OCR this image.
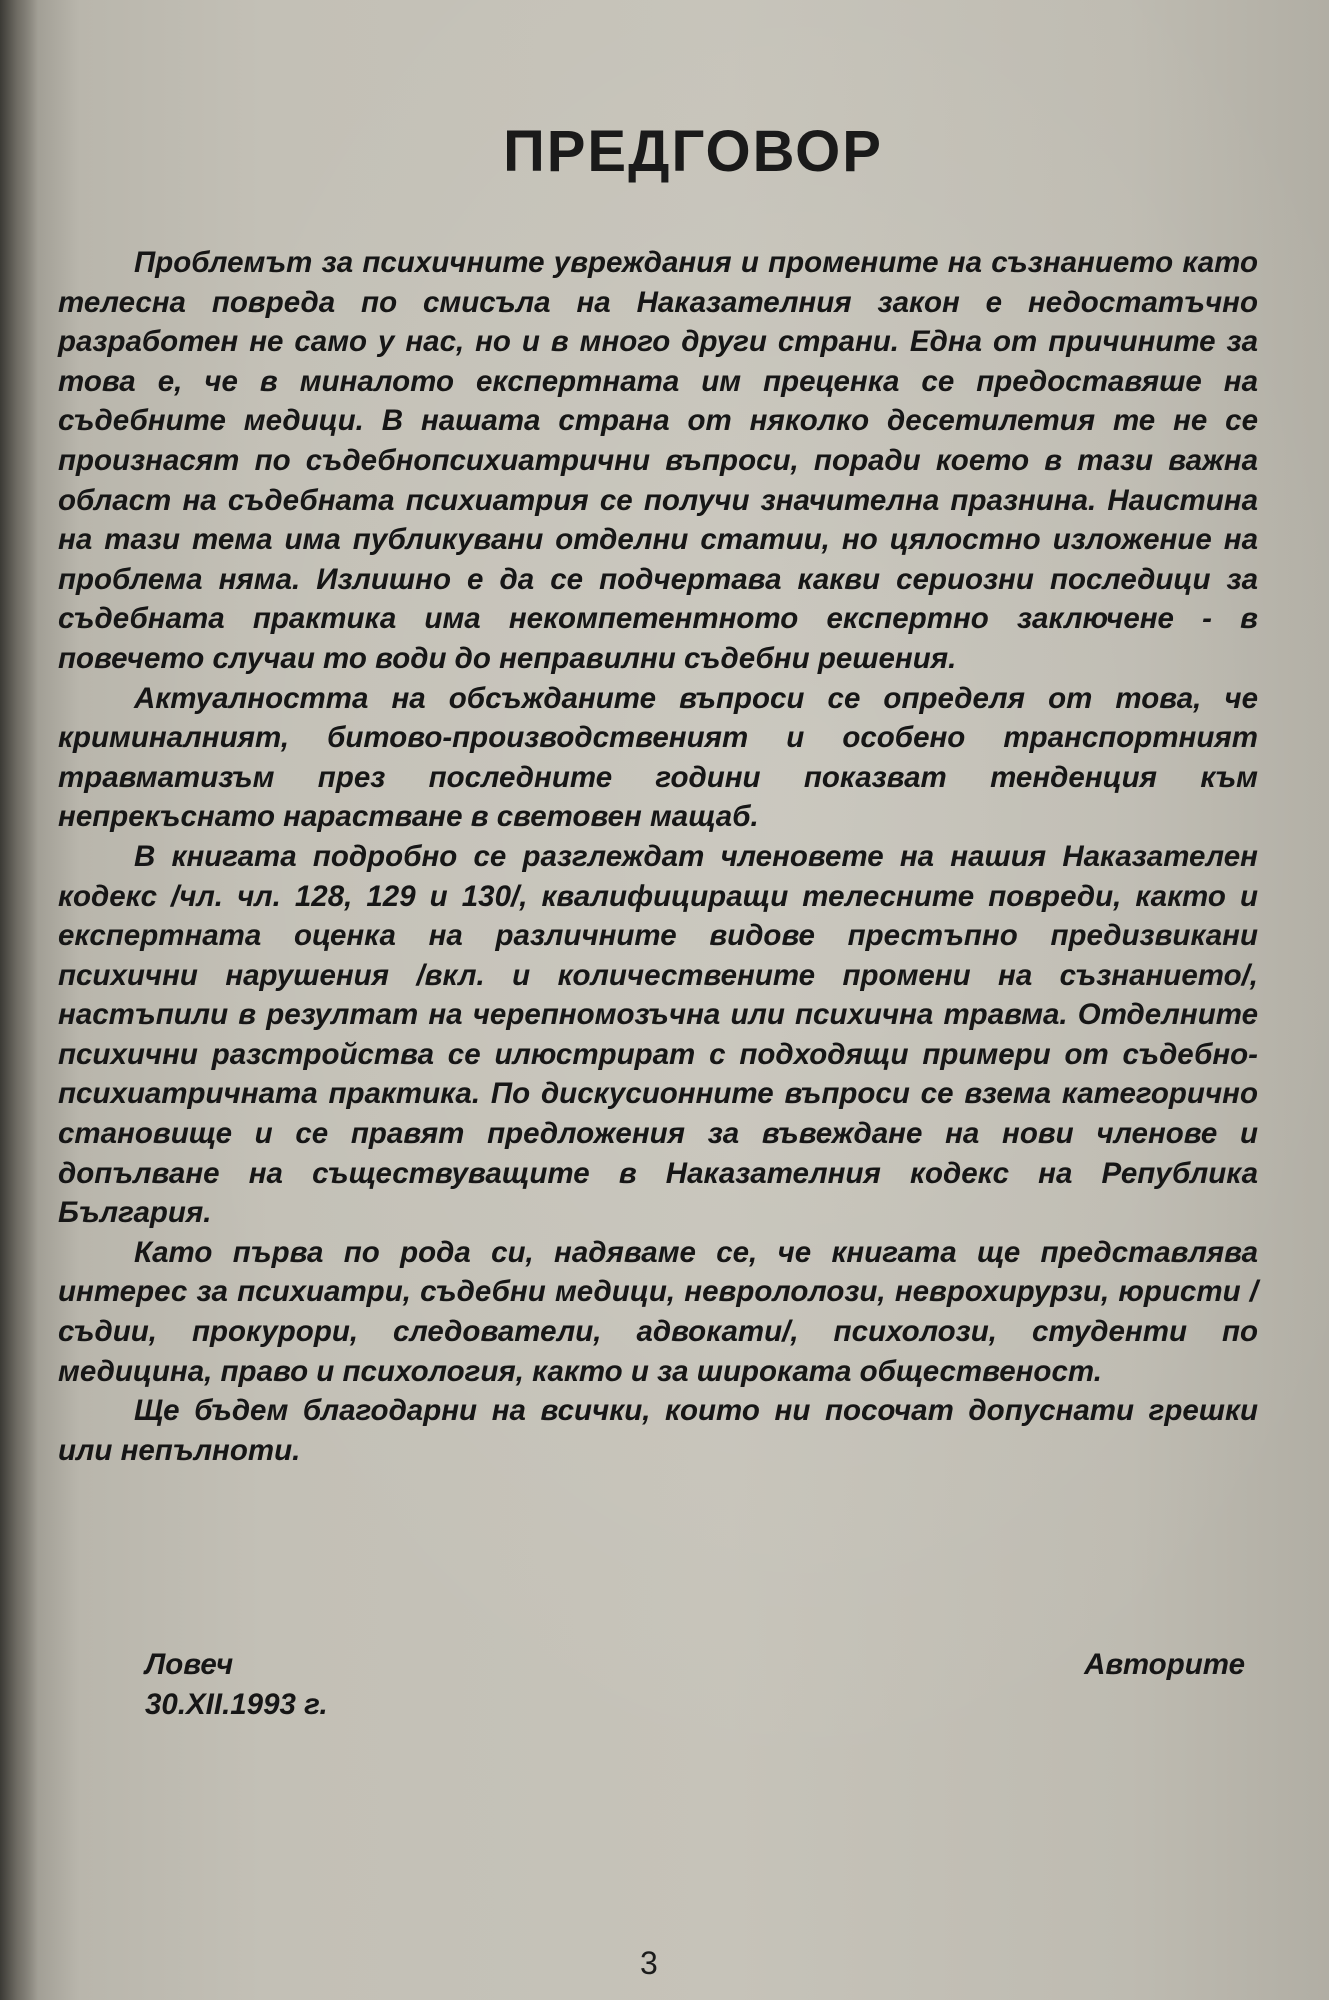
ПРЕДГОВОР

Проблемът за психичните увреждания и промените на съзнанието като телесна повреда по смисъла на Наказателния закон е недостатъчно разработен не само у нас, но и в много други страни. Една от причините за това е, че в миналото експертната им преценка се предоставяше на съдебните медици. В нашата страна от няколко десетилетия те не се произнасят по съдебнопсихиатрични въпроси, поради което в тази важна област на съдебната психиатрия се получи значителна празнина. Наистина на тази тема има публикувани отделни статии, но цялостно изложение на проблема няма. Излишно е да се подчертава какви сериозни последици за съдебната практика има некомпетентното експертно заключене - в повечето случаи то води до неправилни съдебни решения.

Актуалността на обсъжданите въпроси се определя от това, че криминалният, битово-производственият и особено транспортният травматизъм през последните години показват тенденция към непрекъснато нарастване в световен мащаб.

В книгата подробно се разглеждат членовете на нашия Наказателен кодекс /чл. чл. 128, 129 и 130/, квалифициращи телесните повреди, както и експертната оценка на различните видове престъпно предизвикани психични нарушения /вкл. и количествените промени на съзнанието/, настъпили в резултат на черепномозъчна или психична травма. Отделните психични разстройства се илюстрират с подходящи примери от съдебно-психиатричната практика. По дискусионните въпроси се взема категорично становище и се правят предложения за въвеждане на нови членове и допълване на съществуващите в Наказателния кодекс на Република България.

Като първа по рода си, надяваме се, че книгата ще представлява интерес за психиатри, съдебни медици, неврололози, неврохирурзи, юристи /съдии, прокурори, следователи, адвокати/, психолози, студенти по медицина, право и психология, както и за широката общественост.

Ще бъдем благодарни на всички, които ни посочат допуснати грешки или непълноти.

Ловеч
30.XII.1993 г.
Авторите
3
